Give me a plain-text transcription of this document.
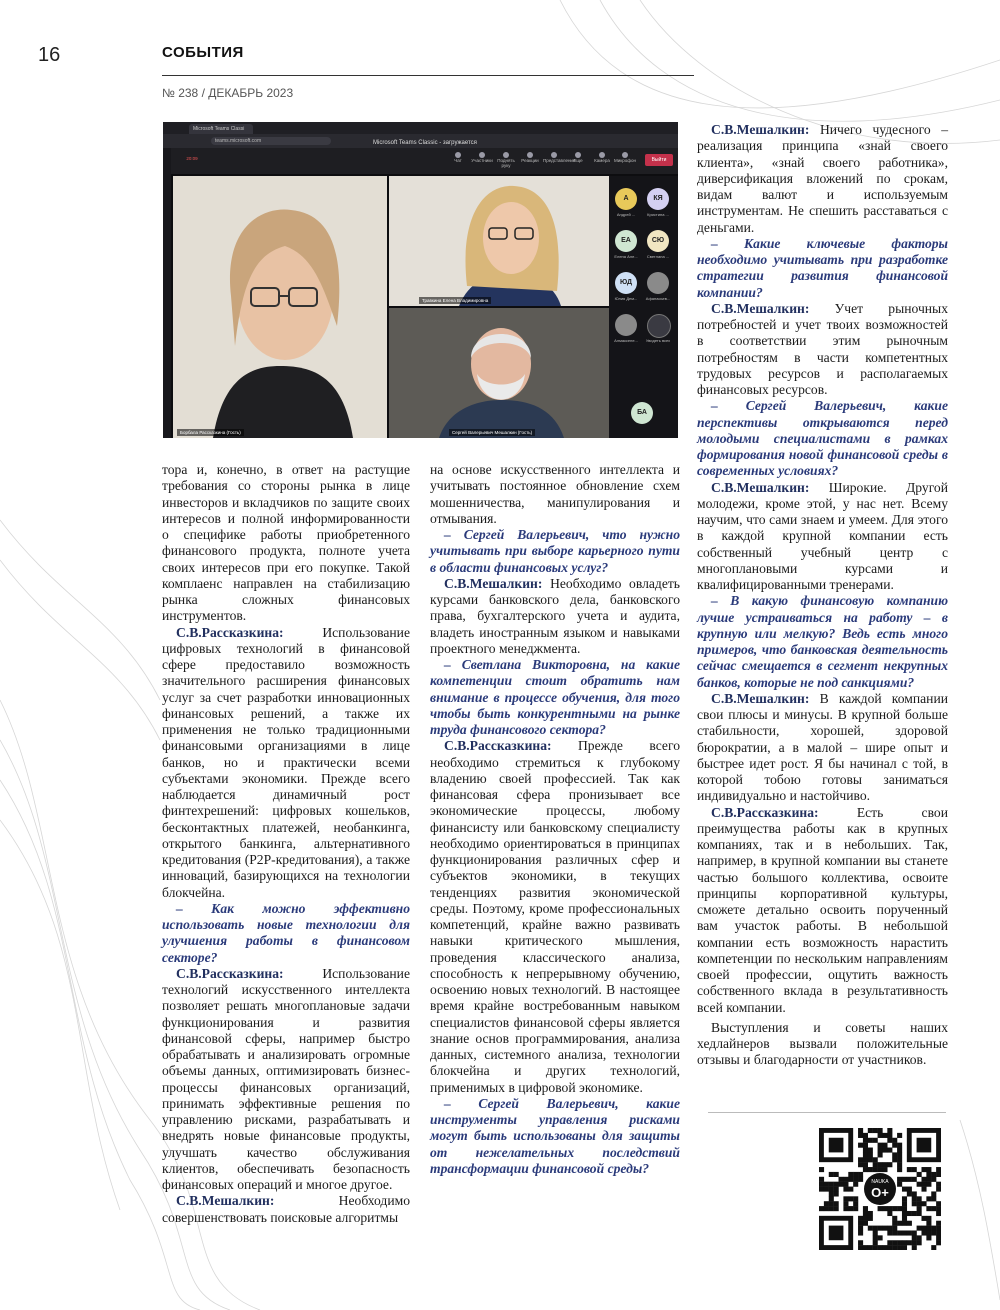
16	СОБЫТИЯ
№ 238 / ДЕКАБРЬ 2023
Microsoft Teams Classi
teams.microsoft.com	Microsoft Teams Classic - загружается
20:09	Чат	Участники Поднять руку
Реакции Представление
Еще	Камера Микрофон	Выйти
Борбала Рассказкина (Гость)
Травкина Елена Владимировна
Сергей Валерьевич Мешалкин (Гость)
А
Андрей ...
КЯ
Кристина ...
ЕА
Елена Але...
СЮ
Светлана ...
ЮД
Юлия Дем...	Афанасьев...
Алмаксене...	Увидеть всех
БА

тора и, конечно, в ответ на растущие требования со стороны рынка в лице инвесторов и вкладчиков по защите своих интересов и полной информированности о специфике работы приобретенного финансового продукта, полноте учета своих интересов при его покупке. Такой комплаенс направлен на стабилизацию рынка сложных финансовых инструментов.

С.В.Рассказкина: Использование цифровых технологий в финансовой сфере предоставило возможность значительного расширения финансовых услуг за счет разработки инновационных финансовых решений, а также их применения не только традиционными финансовыми организациями в лице банков, но и практически всеми субъектами экономики. Прежде всего наблюдается динамичный рост финтехрешений: цифровых кошельков, бесконтактных платежей, необанкинга, открытого банкинга, альтернативного кредитования (P2P-кредитования), а также инноваций, базирующихся на технологии блокчейна.

– Как можно эффективно использовать новые технологии для улучшения работы в финансовом секторе?

С.В.Рассказкина: Использование технологий искусственного интеллекта позволяет решать многоплановые задачи функционирования и развития финансовой сферы, например быстро обрабатывать и анализировать огромные объемы данных, оптимизировать бизнес-процессы финансовых организаций, принимать эффективные решения по управлению рисками, разрабатывать и внедрять новые финансовые продукты, улучшать качество обслуживания клиентов, обеспечивать безопасность финансовых операций и многое другое.

С.В.Мешалкин: Необходимо совершенствовать поисковые алгоритмы

на основе искусственного интеллекта и учитывать постоянное обновление схем мошенничества, манипулирования и отмывания.

– Сергей Валерьевич, что нужно учитывать при выборе карьерного пути в области финансовых услуг?

С.В.Мешалкин: Необходимо овладеть курсами банковского дела, банковского права, бухгалтерского учета и аудита, владеть иностранным языком и навыками проектного менеджмента.

– Светлана Викторовна, на какие компетенции стоит обратить нам внимание в процессе обучения, для того чтобы быть конкурентными на рынке труда финансового сектора?

С.В.Рассказкина: Прежде всего необходимо стремиться к глубокому владению своей профессией. Так как финансовая сфера пронизывает все экономические процессы, любому финансисту или банковскому специалисту необходимо ориентироваться в принципах функционирования различных сфер и субъектов экономики, в текущих тенденциях развития экономической среды. Поэтому, кроме профессиональных компетенций, крайне важно развивать навыки критического мышления, проведения классического анализа, способность к непрерывному обучению, освоению новых технологий. В настоящее время крайне востребованным навыком специалистов финансовой сферы является знание основ программирования, анализа данных, системного анализа, технологии блокчейна и других технологий, применимых в цифровой экономике.

– Сергей Валерьевич, какие инструменты управления рисками могут быть использованы для защиты от нежелательных последствий трансформации финансовой среды?

С.В.Мешалкин: Ничего чудесного – реализация принципа «знай своего клиента», «знай своего работника», диверсификация вложений по срокам, видам валют и используемым инструментам. Не спешить расставаться с деньгами.

– Какие ключевые факторы необходимо учитывать при разработке стратегии развития финансовой компании?

С.В.Мешалкин: Учет рыночных потребностей и учет твоих возможностей в соответствии этим рыночным потребностям в части компетентных трудовых ресурсов и располагаемых финансовых ресурсов.

– Сергей Валерьевич, какие перспективы открываются перед молодыми специалистами в рамках формирования новой финансовой среды в современных условиях?

С.В.Мешалкин: Широкие. Другой молодежи, кроме этой, у нас нет. Всему научим, что сами знаем и умеем. Для этого в каждой крупной компании есть собственный учебный центр с многоплановыми курсами и квалифицированными тренерами.

– В какую финансовую компанию лучше устраиваться на работу – в крупную или мелкую? Ведь есть много примеров, что банковская деятельность сейчас смещается в сегмент некрупных банков, которые не под санкциями?

С.В.Мешалкин: В каждой компании свои плюсы и минусы. В крупной больше стабильности, хорошей, здоровой бюрократии, а в малой – шире опыт и быстрее идет рост. Я бы начинал с той, в которой тобою готовы заниматься индивидуально и настойчиво.

С.В.Рассказкина: Есть свои преимущества работы как в крупных компаниях, так и в небольших. Так, например, в крупной компании вы станете частью большого коллектива, освоите принципы корпоративной культуры, сможете детально освоить порученный вам участок работы. В небольшой компании есть возможность нарастить компетенции по нескольким направлениям своей профессии, ощутить важность собственного вклада в результативность всей компании.

Выступления и советы наших хедлайнеров вызвали положительные отзывы и благодарности от участников.

NAUKA
O+
